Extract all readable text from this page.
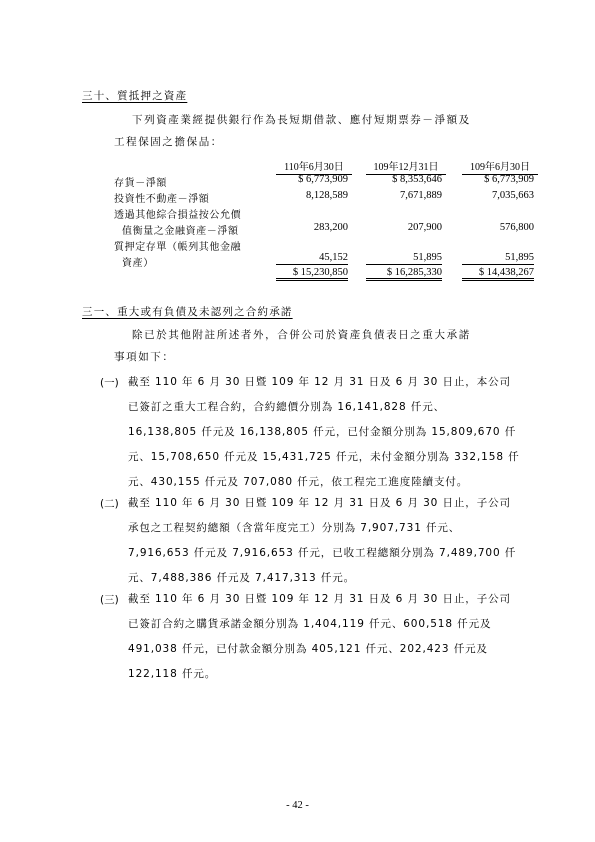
三十、質抵押之資產
下列資產業經提供銀行作為長短期借款、應付短期票券－淨額及
工程保固之擔保品：
110年6月30日	109年12月31日	109年6月30日
存貨－淨額	$ 6,773,909	$ 8,353,646	$ 6,773,909
投資性不動產－淨額	8,128,589	7,671,889	7,035,663
透過其他綜合損益按公允價
值衡量之金融資產－淨額	283,200	207,900	576,800
質押定存單（帳列其他金融
資產）
45,152	51,895	51,895
$ 15,230,850	$ 16,285,330	$ 14,438,267
三一、重大或有負債及未認列之合約承諾
除已於其他附註所述者外，合併公司於資產負債表日之重大承諾
事項如下：
(一) 截至 110 年 6 月 30 日暨 109 年 12 月 31 日及 6 月 30 日止，本公司
已簽訂之重大工程合約，合約總價分別為 16,141,828 仟元、
16,138,805 仟元及 16,138,805 仟元，已付金額分別為 15,809,670 仟
元、15,708,650 仟元及 15,431,725 仟元，未付金額分別為 332,158 仟
元、430,155 仟元及 707,080 仟元，依工程完工進度陸續支付。
(二) 截至 110 年 6 月 30 日暨 109 年 12 月 31 日及 6 月 30 日止，子公司
承包之工程契約總額（含當年度完工）分別為 7,907,731 仟元、
7,916,653 仟元及 7,916,653 仟元，已收工程總額分別為 7,489,700 仟
元、7,488,386 仟元及 7,417,313 仟元。
(三) 截至 110 年 6 月 30 日暨 109 年 12 月 31 日及 6 月 30 日止，子公司
已簽訂合約之購貨承諾金額分別為 1,404,119 仟元、600,518 仟元及
491,038 仟元，已付款金額分別為 405,121 仟元、202,423 仟元及
122,118 仟元。
- 42 -
